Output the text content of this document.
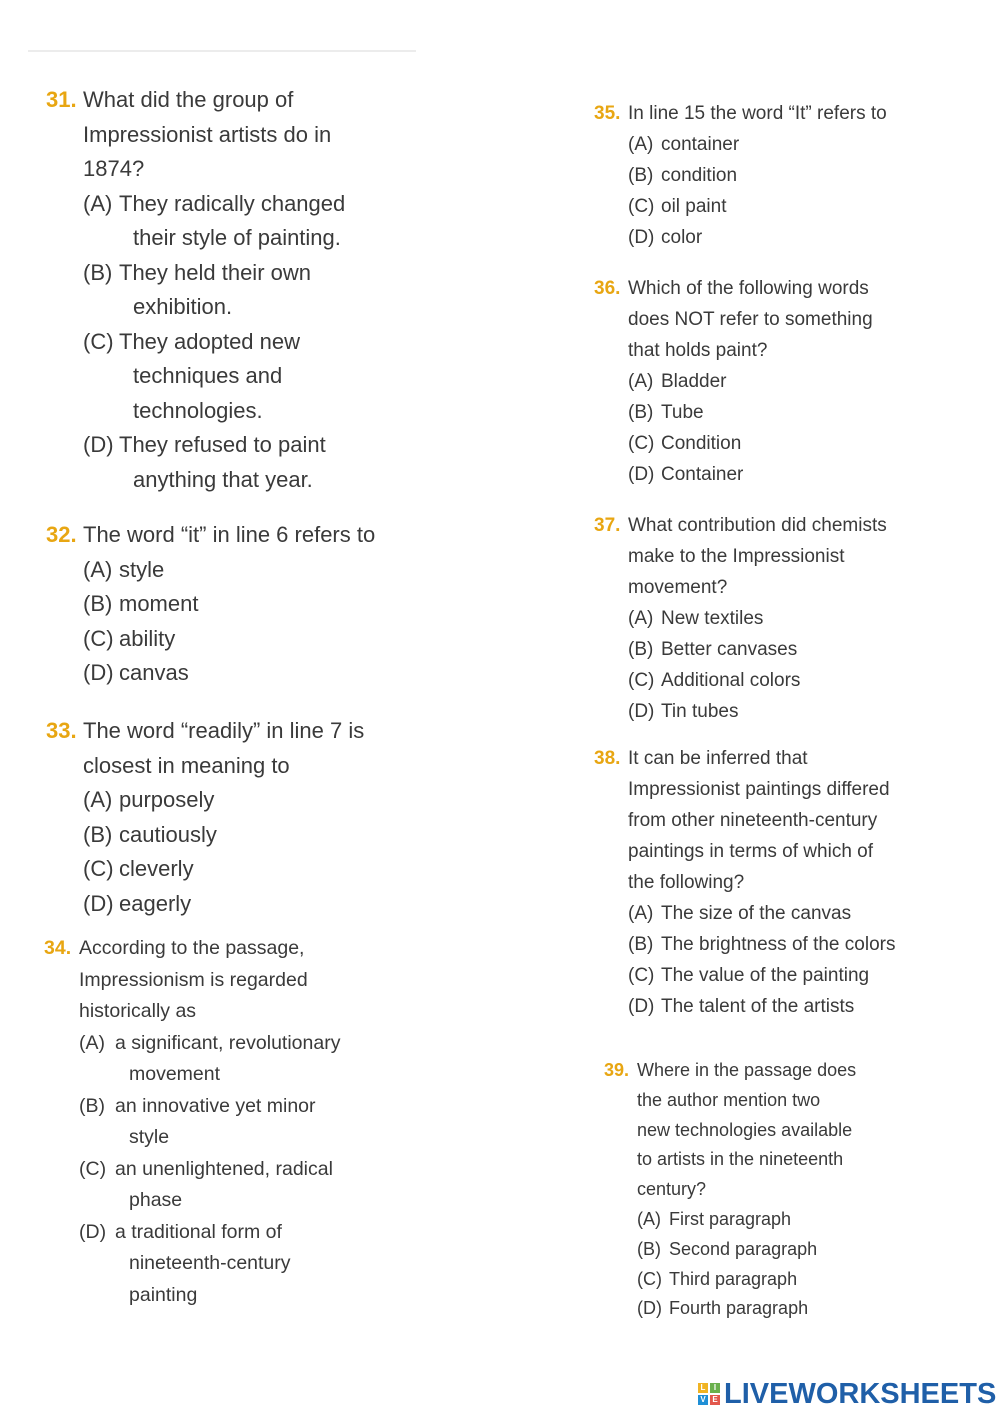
31. What did the group of
Impressionist artists do in
1874?
(A) They radically changed
their style of painting.
(B) They held their own
exhibition.
(C) They adopted new
techniques and
technologies.
(D) They refused to paint
anything that year.
32. The word “it” in line 6 refers to
(A) style
(B) moment
(C) ability
(D) canvas
33. The word “readily” in line 7 is
closest in meaning to
(A) purposely
(B) cautiously
(C) cleverly
(D) eagerly
34. According to the passage,
Impressionism is regarded
historically as
(A) a significant, revolutionary
movement
(B) an innovative yet minor
style
(C) an unenlightened, radical
phase
(D) a traditional form of
nineteenth-century
painting
35. In line 15 the word “It” refers to
(A) container
(B) condition
(C) oil paint
(D) color
36. Which of the following words
does NOT refer to something
that holds paint?
(A) Bladder
(B) Tube
(C) Condition
(D) Container
37. What contribution did chemists
make to the Impressionist
movement?
(A) New textiles
(B) Better canvases
(C) Additional colors
(D) Tin tubes
38. It can be inferred that
Impressionist paintings differed
from other nineteenth-century
paintings in terms of which of
the following?
(A) The size of the canvas
(B) The brightness of the colors
(C) The value of the painting
(D) The talent of the artists
39. Where in the passage does
the author mention two
new technologies available
to artists in the nineteenth
century?
(A) First paragraph
(B) Second paragraph
(C) Third paragraph
(D) Fourth paragraph
L	I
V E LIVEWORKSHEETS
